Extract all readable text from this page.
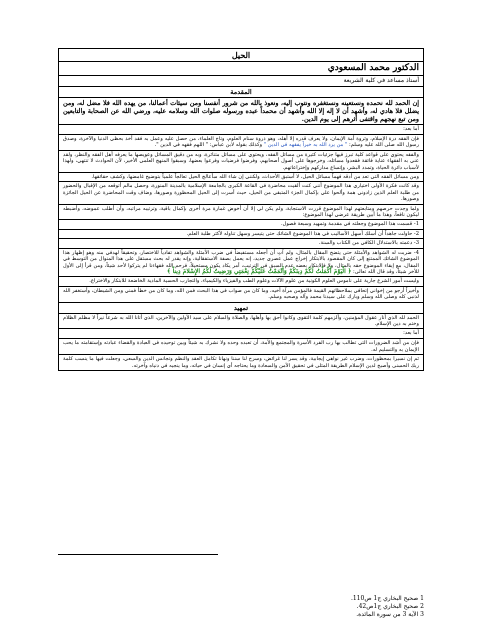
الحيل
الدكتور محمد المسعودي
أستاذ مساعد في كلية الشريعة
المقدمة
إن الحمد لله نحمده ونستعينه ونستغفره ونتوب إليه، ونعوذ بالله من شرور أنفسنا ومن سيئات أعمالنا، من يهده الله فلا مضل له، ومن يضلل فلا هادي له، وأشهد أن لا إله إلا الله وأشهد أن محمداً عبده ورسوله صلوات الله وسلامه عليه، ورضي الله عن الصحابة والتابعين ومن تبع نهجهم واقتفى أثرهم إلى يوم الدين.
أما بعد:
فإن الفقه درة الإسلام، وثروة أمة الإيمان، ولا يعرف قدره إلا أهله، وهو ذروة سنام العلوم، وتاج العلماء، من حصل عليه وعمل به فقد أخذ بحظي الدنيا والآخرة، وصدق رسول الله صلى الله عليه وسلم: " من يرد الله به خيراً يفقهه في الدين " وكذلك بقوله لابن عباس: " اللهم فقهه في الدين ".
والفقه يحتوي على قواعد كلية تبرز فيها جزئيات كثيرة من مسائل الفقه، ويحتوي على مسائل متناثرة، وبه من دقيق المسائل وعويصها ما يعرفه أهل الفقه والنظر، ولقد عني به الفقهاء عناية فائقة فقعدوا مسائله، وخرجوها على أصول أصحابهم، وفرضوا فرضيات وفرعوا بعضها، وسبقوا المنهج العلمي الأخير، لأن الحوادث لا تنتهي، ولهذا لأسباب دائرة الحياة، وتمدد البشر، وإتساع مداركهم وإختراعاتهم.
ومن مسائل الفقه التي تعد من أدقه فهماً مسائل الحيل، لا أستبق الأحداث، ولكنني إن شاء الله سأعالج الحيل تعالجاً علمياً بتوضيح غامضها، وكشف حقائقها.
وقد كانت فكرة الأولى اختياري هذا الموضوع أنني كنت ألقيت محاضرة في القاعة الكبرى بالجامعة الإسلامية بالمدينة المنورة، وحصل مالم أتوقعه من الإقبال والحضور من طلبة العلم الذين زادوني همة وألحوا علي بإكمال الجزء المتبقي من الحيل، حيث أسرت إلى الحيل المحظورة وصورها، وضاف وقت المحاضرة عن الحيل الجائزة وصورها.
ولما وجدت حرصهم ومتابعتهم لهذا الموضوع قررت الاستجابة، ولم يكن لي إلا أن أخوض غمارة مرة أخرى بإكمال باقية، وترتيبه مراتبه، وأن أطلب عموضه، وأضبطه ليكون نافعاً، وهذا ما أبين طريقة عرضي لهذا الموضوع:
1- قسمت هذا الموضوع وجعلته في مقدمة وتمهيد وسبعة فصول.
2- حاولت جاهداً أن أسلك أسهل الأساليب في هذا الموضوع الشائك حتى يتيسر وسهل تناوله لأكثر طلبة العلم.
3- دعمته بالاستدلال الكافي من الكتاب والسنة.
4- ضربت له الشواهد والأمثلة حتى يتضح المقال بالمثال، ولم آتِ أن أجعله مستفيضاً في ضرب الأمثلة والشواهد تفادياً للاختصار، وتحقيقاً لهدفي منه وهو إظهار هذا الموضوع الشائك الممتنع إلى كان المقصود بالابتكار إخراج عمل عصري جديد، إنه يعمل بصفة الاستفقالية، وإنه يقدر له بحث مستقل على هذا المنوال من التوسط في المقال، مع إبقاء الموضوع حقه بالمثال، ولا فالابتكار بعضه عدم السبق في الترتيب، أمر يكاد يكون مستحيلاً، فرحم الله فقهاءنا لم يتركوا لأحد شيئاً، ومن قرأ إلى الأول للأخر شيئاً، وقد قال الله تعالى: ﴿ الْيَوْمَ أَكْمَلْتُ لَكُمْ دِينَكُمْ وَأَتْمَمْتُ عَلَيْكُمْ نِعْمَتِي وَرَضِيتُ لَكُمُ الإِسْلامَ دِيناً ﴾
وليست أمور الشرع جارية على ناموس العلوم الكونية من علوم الآلات وعلوم الطب والفيزياء والكيمياء، والتجارب الحسية المادية الخاضعة للابتكار والاختراع.
وأخيراً أرجو من إخواني إتحافي بملاحظاتهم القيمة فالمؤمن مرآة أخيه، وما كان من صواب في هذا البحث فمن الله، وما كان من خطأ فمني ومن الشيطان، وأستغفر الله لذنبي كله وصلى الله وسلم وبارك على سيدنا محمد وآله وصحبه وسلم.
تمهيد
الحمد لله الذي أنار عقول المؤمنين، وألزمهم كلمة التقوى وكانوا أحق بها وأهلها، والصلاة والسلام على سيد الأولين والآخرين، الذي أتانا الله به شرعاً نيراً لا مظلم الظلام وختم به دين الإسلام.
أما بعد:
فإن من أشد الضرورات التي تطالب بها رب الفرد الأسرة والمجتمع والأمة، أن تعبده وحده ولا نشرك به شيئاً وبين توحيده في العبادة والقضاء عبادته وإستقامته ما يحب الإيمان به والتسليم له.
ثم إن نسيرا بمحظورات، وضرب غير نواهي إيجابية، وقد يسر لنا غرائض، وسرح لنا سننا ونهانا تكامل العقد والنظم وتجانس الدين والسعي، وجعلت فيها ما ينسب كلمة ربك الحسنى وأصبح لدين الإسلام الطريقة المثلى في تحقيق الأمن والسعادة وما يحتاجه أي إنسان في حياته، وما ينجيه في دنياه وآخرته.
1 صحيح البخاري ج1 ص110.
2 صحيح البخاري ج1ص42.
3 الآية 3 من سورة المائدة.
